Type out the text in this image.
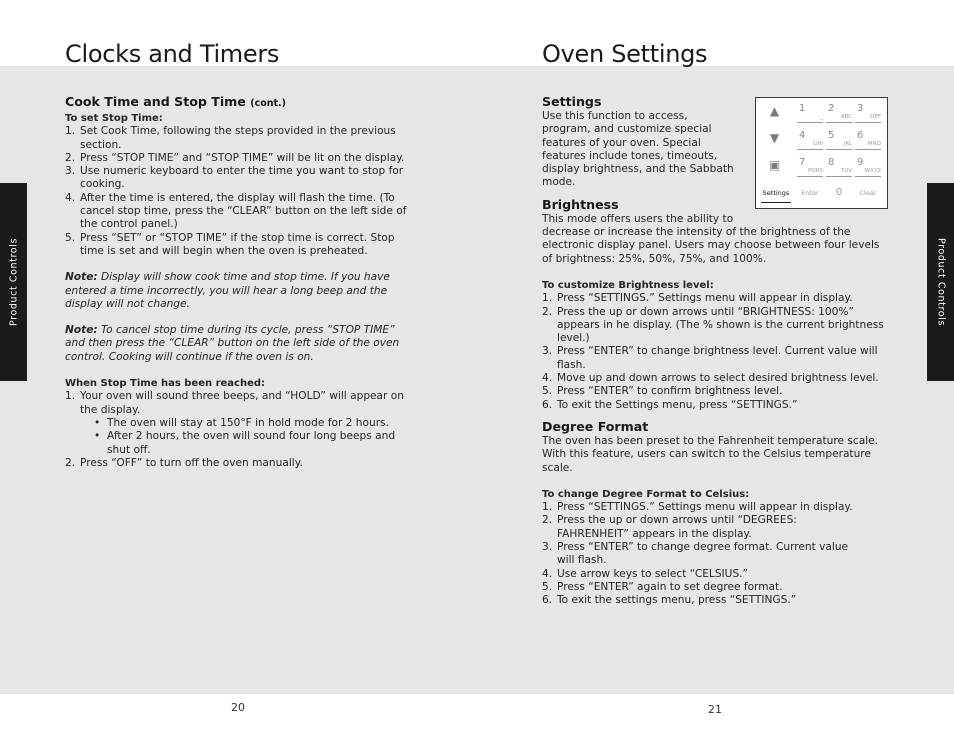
Product Controls	Product Controls
Clocks and Timers	Oven Settings

Cook Time and Stop Time (cont.)

To set Stop Time:

1. Set Cook Time, following the steps provided in the previous section.
2. Press “STOP TIME” and “STOP TIME” will be lit on the display.
3. Use numeric keyboard to enter the time you want to stop for cooking.
4. After the time is entered, the display will flash the time. (To cancel stop time, press the “CLEAR” button on the left side of the control panel.)
5. Press “SET” or “STOP TIME” if the stop time is correct. Stop time is set and will begin when the oven is preheated.

Note: Display will show cook time and stop time. If you have entered a time incorrectly, you will hear a long beep and the display will not change.

Note: To cancel stop time during its cycle, press “STOP TIME” and then press the “CLEAR” button on the left side of the oven control. Cooking will continue if the oven is on.

When Stop Time has been reached:

1. Your oven will sound three beeps, and “HOLD” will appear on the display.
• The oven will stay at 150°F in hold mode for 2 hours.
• After 2 hours, the oven will sound four long beeps and shut off.
2. Press “OFF” to turn off the oven manually.

Settings

Use this function to access, program, and customize special features of your oven. Special features include tones, timeouts, display brightness, and the Sabbath mode.

Brightness

This mode offers users the ability to

decrease or increase the intensity of the brightness of the electronic display panel. Users may choose between four levels of brightness: 25%, 50%, 75%, and 100%.

To customize Brightness level:

1. Press “SETTINGS.” Settings menu will appear in display.
2. Press the up or down arrows until “BRIGHTNESS: 100%” appears in he display. (The % shown is the current brightness level.)
3. Press “ENTER” to change brightness level. Current value will flash.
4. Move up and down arrows to select desired brightness level.
5. Press “ENTER” to confirm brightness level.
6. To exit the Settings menu, press “SETTINGS.”

Degree Format

The oven has been preset to the Fahrenheit temperature scale. With this feature, users can switch to the Celsius temperature scale.

To change Degree Format to Celsius:

1. Press “SETTINGS.” Settings menu will appear in display.
2. Press the up or down arrows until “DEGREES: FAHRENHEIT” appears in the display.
3. Press “ENTER” to change degree format. Current value will flash.
4. Use arrow keys to select “CELSIUS.”
5. Press “ENTER” again to set degree format.
6. To exit the settings menu, press “SETTINGS.”
▲
▼
▣
1
_
2
ABC
3
DEF
4
GHI
5
JKL
6
MNO
7
PQRS
8
TUV
9
WXYZ
Settings	Enter	0	Clear
20	21
